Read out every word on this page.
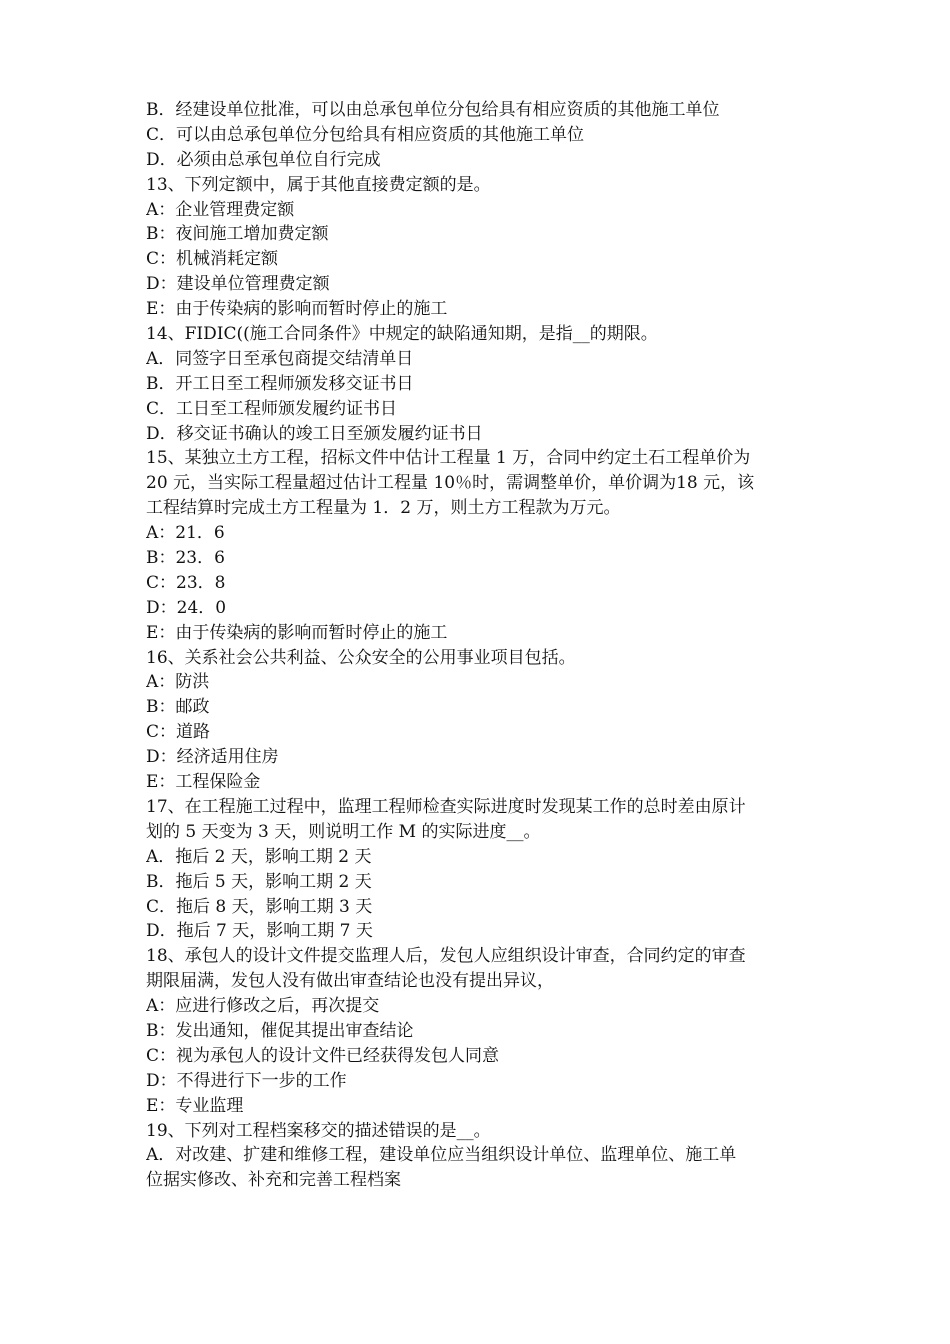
B．经建设单位批准，可以由总承包单位分包给具有相应资质的其他施工单位
C．可以由总承包单位分包给具有相应资质的其他施工单位
D．必须由总承包单位自行完成
13、下列定额中，属于其他直接费定额的是。
A：企业管理费定额
B：夜间施工增加费定额
C：机械消耗定额
D：建设单位管理费定额
E：由于传染病的影响而暂时停止的施工
14、FIDIC((施工合同条件》中规定的缺陷通知期，是指__的期限。
A．同签字日至承包商提交结清单日
B．开工日至工程师颁发移交证书日
C．工日至工程师颁发履约证书日
D．移交证书确认的竣工日至颁发履约证书日
15、某独立土方工程，招标文件中估计工程量 1 万，合同中约定土石工程单价为
20 元，当实际工程量超过估计工程量 10％时，需调整单价，单价调为18 元，该
工程结算时完成土方工程量为 1．2 万，则土方工程款为万元。
A：21．6
B：23．6
C：23．8
D：24．0
E：由于传染病的影响而暂时停止的施工
16、关系社会公共利益、公众安全的公用事业项目包括。
A：防洪
B：邮政
C：道路
D：经济适用住房
E：工程保险金
17、在工程施工过程中，监理工程师检查实际进度时发现某工作的总时差由原计
划的 5 天变为 3 天，则说明工作 M 的实际进度__。
A．拖后 2 天，影响工期 2 天
B．拖后 5 天，影响工期 2 天
C．拖后 8 天，影响工期 3 天
D．拖后 7 天，影响工期 7 天
18、承包人的设计文件提交监理人后，发包人应组织设计审查，合同约定的审查
期限届满，发包人没有做出审查结论也没有提出异议，
A：应进行修改之后，再次提交
B：发出通知，催促其提出审查结论
C：视为承包人的设计文件已经获得发包人同意
D：不得进行下一步的工作
E：专业监理
19、下列对工程档案移交的描述错误的是__。
A．对改建、扩建和维修工程，建设单位应当组织设计单位、监理单位、施工单
位据实修改、补充和完善工程档案
